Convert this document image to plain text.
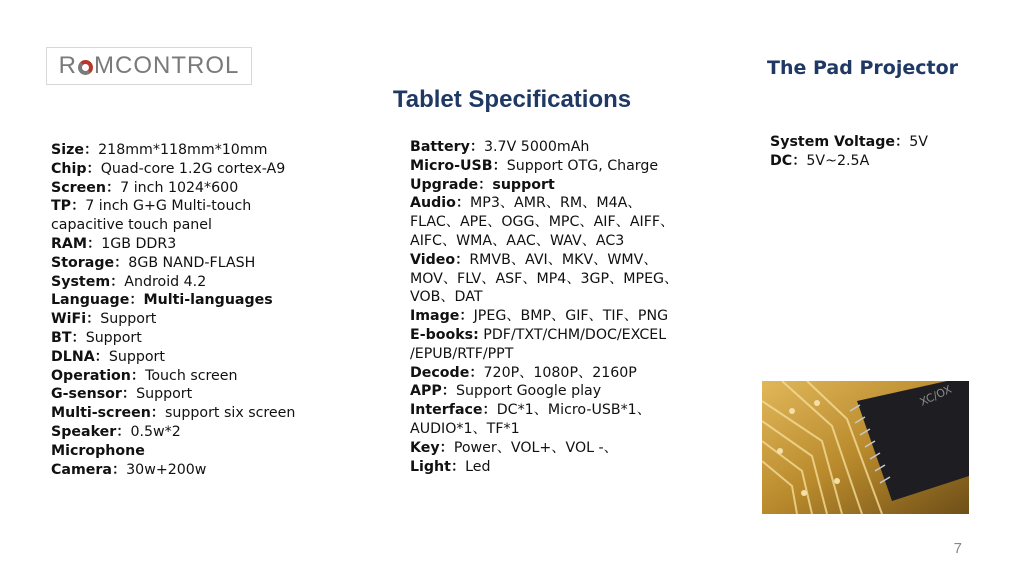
R MCONTROL	The Pad Projector
Tablet Specifications
Size：218mm*118mm*10mm
Chip：Quad-core 1.2G cortex-A9
Screen：7 inch 1024*600
TP：7 inch G+G Multi-touch
capacitive touch panel
RAM：1GB DDR3
Storage：8GB NAND-FLASH
System：Android 4.2
Language：Multi-languages
WiFi：Support
BT：Support
DLNA：Support
Operation：Touch screen
G-sensor：Support
Multi-screen：support six screen
Speaker：0.5w*2
Microphone
Camera：30w+200w
Battery：3.7V 5000mAh
Micro-USB：Support OTG, Charge
Upgrade：support
Audio：MP3、AMR、RM、M4A、
FLAC、APE、OGG、MPC、AIF、AIFF、
AIFC、WMA、AAC、WAV、AC3
Video：RMVB、AVI、MKV、WMV、
MOV、FLV、ASF、MP4、3GP、MPEG、
VOB、DAT
Image：JPEG、BMP、GIF、TIF、PNG
E-books: PDF/TXT/CHM/DOC/EXCEL
/EPUB/RTF/PPT
Decode：720P、1080P、2160P
APP：Support Google play
Interface：DC*1、Micro-USB*1、
AUDIO*1、TF*1
Key：Power、VOL+、VOL -、
Light：Led
System Voltage：5V
DC：5V~2.5A
XC/OX
7
